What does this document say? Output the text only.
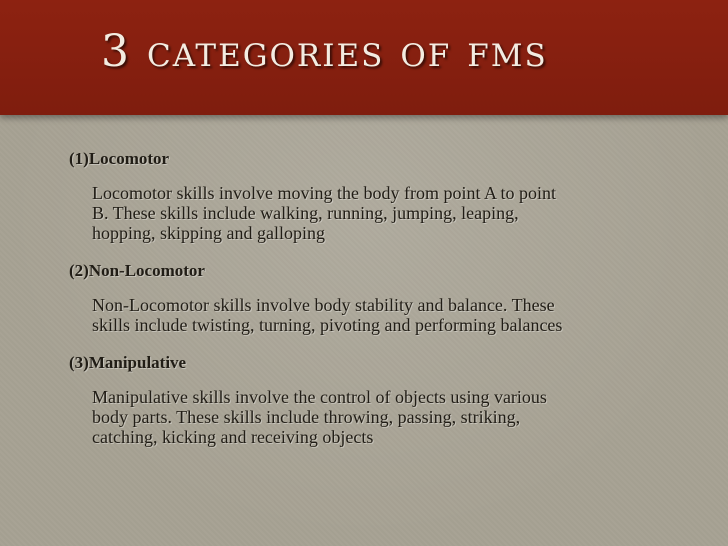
3 categories of fms

(1)Locomotor

Locomotor skills involve moving the body from point A to point
B. These skills include walking, running, jumping, leaping,
hopping, skipping and galloping

(2)Non-Locomotor

Non-Locomotor skills involve body stability and balance. These
skills include twisting, turning, pivoting and performing balances

(3)Manipulative

Manipulative skills involve the control of objects using various
body parts. These skills include throwing, passing, striking,
catching, kicking and receiving objects
